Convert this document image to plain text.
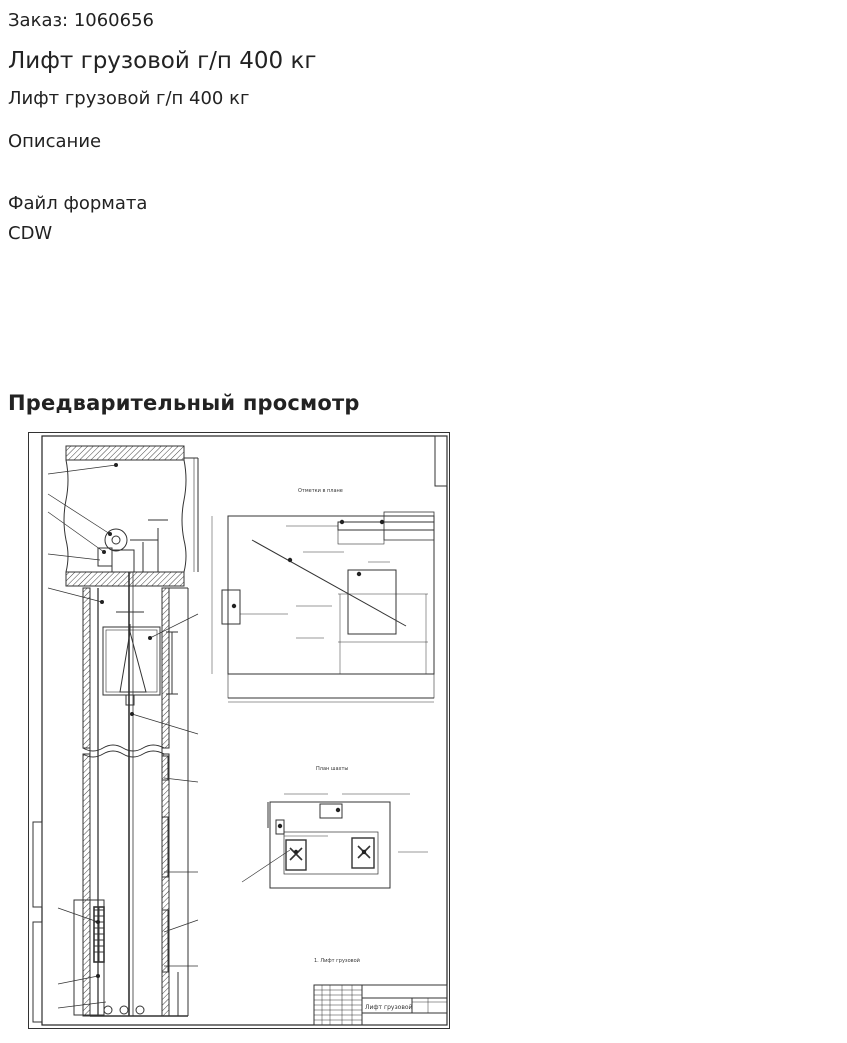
Заказ: 1060656
Лифт грузовой г/п 400 кг
Лифт грузовой г/п 400 кг
Описание
Файл формата
CDW
Предварительный просмотр
Отметки в плане
План шахты
1. Лифт грузовой
Лифт грузовой
